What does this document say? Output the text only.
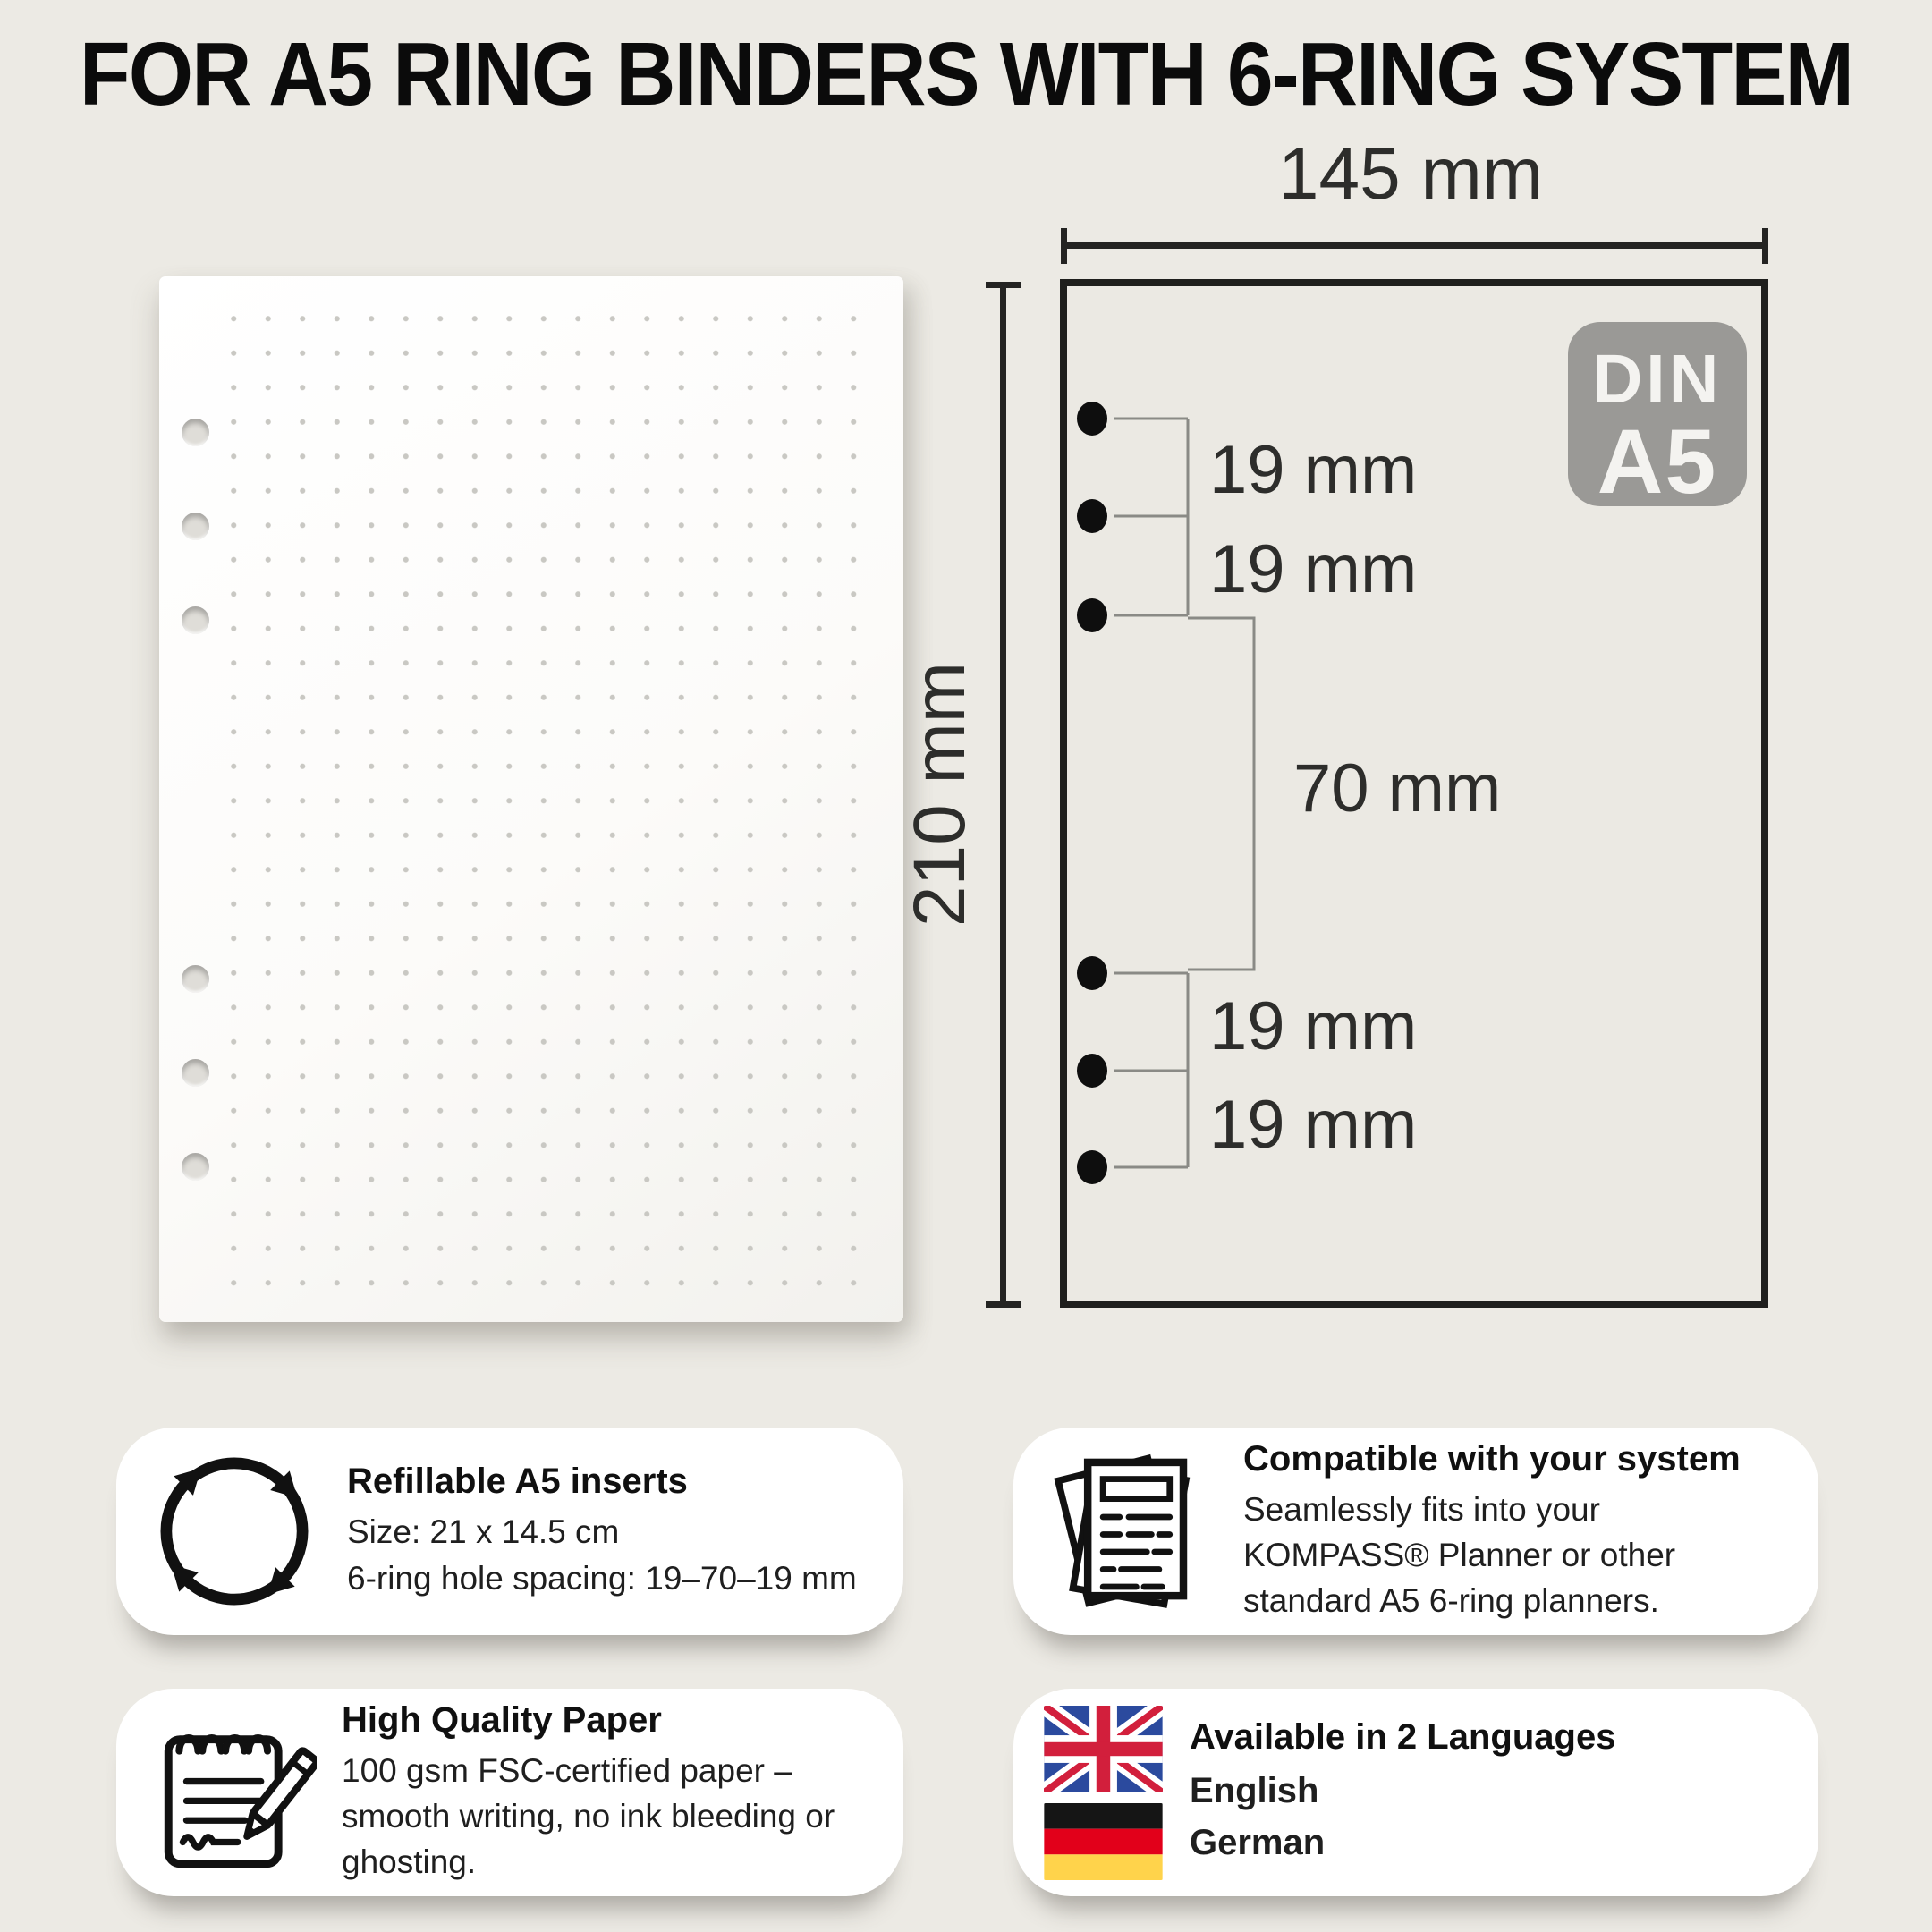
FOR A5 RING BINDERS WITH 6-RING SYSTEM
145 mm
210 mm
19 mm
19 mm
70 mm
19 mm
19 mm
DIN
A5
Refillable A5 inserts
Size: 21 x 14.5 cm
6-ring hole spacing: 19–70–19 mm
Compatible with your system
Seamlessly fits into your
KOMPASS® Planner or other
standard A5 6-ring planners.
High Quality Paper
100 gsm FSC-certified paper –
smooth writing, no ink bleeding or
ghosting.
Available in 2 Languages
English
German
